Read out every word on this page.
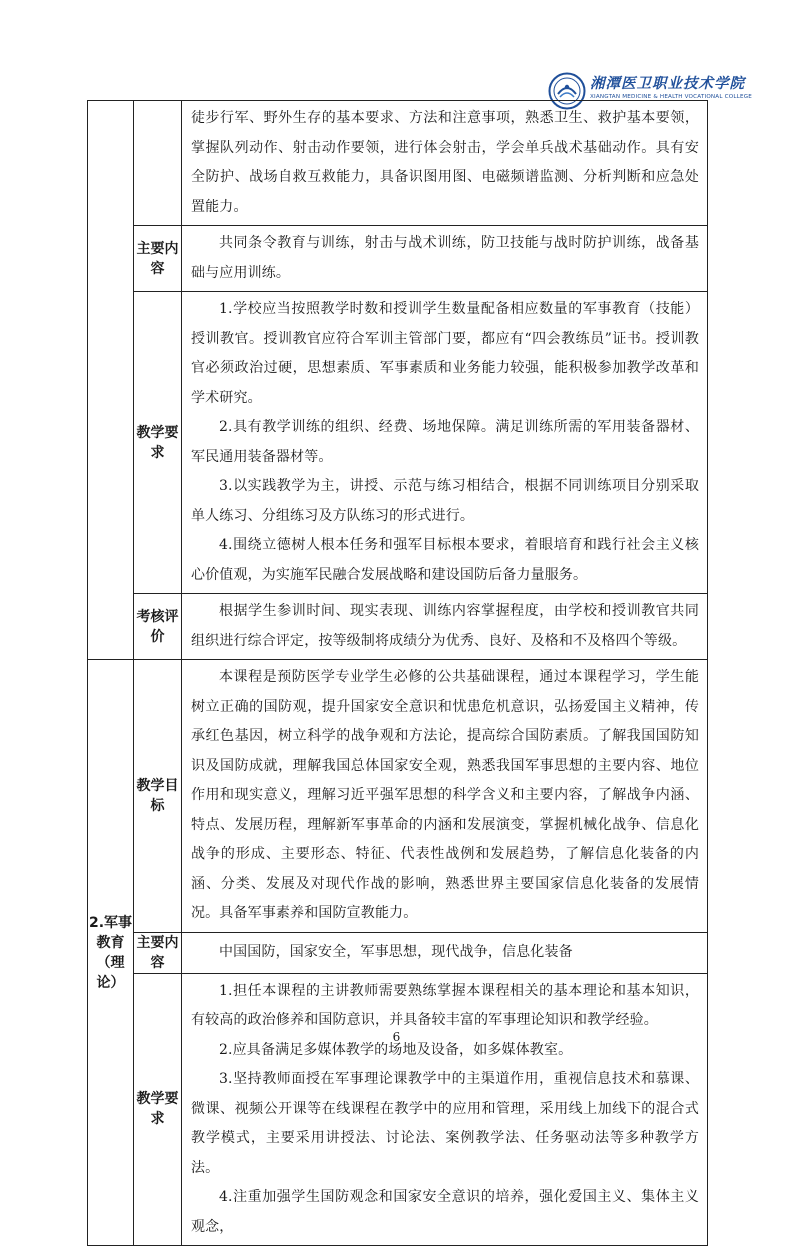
湘潭医卫职业技术学院
XIANGTAN MEDICINE & HEALTH VOCATIONAL COLLEGE

		徒步行军、野外生存的基本要求、方法和注意事项，熟悉卫生、救护基本要领，掌握队列动作、射击动作要领，进行体会射击，学会单兵战术基础动作。具有安全防护、战场自救互救能力，具备识图用图、电磁频谱监测、分析判断和应急处置能力。

	主要内容	共同条令教育与训练，射击与战术训练，防卫技能与战时防护训练，战备基础与应用训练。

	教学要求	1.学校应当按照教学时数和授训学生数量配备相应数量的军事教育（技能）授训教官。授训教官应符合军训主管部门要，都应有“四会教练员”证书。授训教官必须政治过硬，思想素质、军事素质和业务能力较强，能积极参加教学改革和学术研究。

2.具有教学训练的组织、经费、场地保障。满足训练所需的军用装备器材、军民通用装备器材等。

3.以实践教学为主，讲授、示范与练习相结合，根据不同训练项目分别采取单人练习、分组练习及方队练习的形式进行。

4.围绕立德树人根本任务和强军目标根本要求，着眼培育和践行社会主义核心价值观，为实施军民融合发展战略和建设国防后备力量服务。

	考核评价	根据学生参训时间、现实表现、训练内容掌握程度，由学校和授训教官共同组织进行综合评定，按等级制将成绩分为优秀、良好、及格和不及格四个等级。

2.军事教育（理论）	教学目标	本课程是预防医学专业学生必修的公共基础课程，通过本课程学习，学生能树立正确的国防观，提升国家安全意识和忧患危机意识，弘扬爱国主义精神，传承红色基因，树立科学的战争观和方法论，提高综合国防素质。了解我国国防知识及国防成就，理解我国总体国家安全观，熟悉我国军事思想的主要内容、地位作用和现实意义，理解习近平强军思想的科学含义和主要内容，了解战争内涵、特点、发展历程，理解新军事革命的内涵和发展演变，掌握机械化战争、信息化战争的形成、主要形态、特征、代表性战例和发展趋势，了解信息化装备的内涵、分类、发展及对现代作战的影响，熟悉世界主要国家信息化装备的发展情况。具备军事素养和国防宣教能力。

	主要内容	中国国防，国家安全，军事思想，现代战争，信息化装备

	教学要求	1.担任本课程的主讲教师需要熟练掌握本课程相关的基本理论和基本知识，有较高的政治修养和国防意识，并具备较丰富的军事理论知识和教学经验。

2.应具备满足多媒体教学的场地及设备，如多媒体教室。

3.坚持教师面授在军事理论课教学中的主渠道作用，重视信息技术和慕课、微课、视频公开课等在线课程在教学中的应用和管理，采用线上加线下的混合式教学模式，主要采用讲授法、讨论法、案例教学法、任务驱动法等多种教学方法。

4.注重加强学生国防观念和国家安全意识的培养，强化爱国主义、集体主义观念，

6
